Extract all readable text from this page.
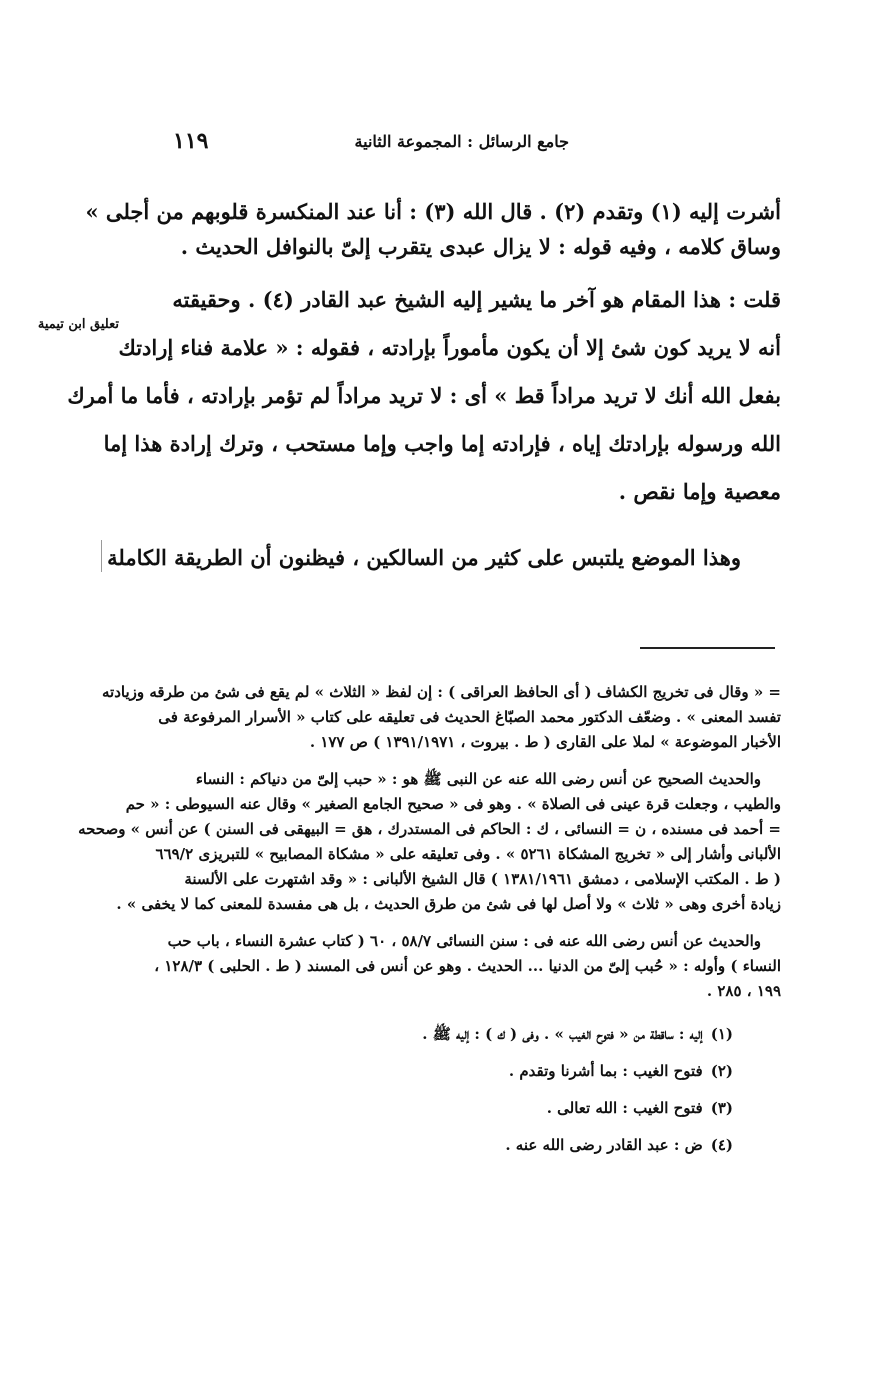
١١٩	جامع الرسائل : المجموعة الثانية
تعليق ابن تيمية
أشرت إليه (١) وتقدم (٢) . قال الله (٣) : أنا عند المنكسرة قلوبهم من أجلى »
وساق كلامه ، وفيه قوله : لا يزال عبدى يتقرب إلىّ بالنوافل الحديث .
قلت : هذا المقام هو آخر ما يشير إليه الشيخ عبد القادر (٤) . وحقيقته
أنه لا يريد كون شئ إلا أن يكون مأموراً بإرادته ، فقوله : « علامة فناء إرادتك
بفعل الله أنك لا تريد مراداً قط » أى : لا تريد مراداً لم تؤمر بإرادته ، فأما ما أمرك
الله ورسوله بإرادتك إياه ، فإرادته إما واجب وإما مستحب ، وترك إرادة هذا إما
معصية وإما نقص .
وهذا الموضع يلتبس على كثير من السالكين ، فيظنون أن الطريقة الكاملة
= « وقال فى تخريج الكشاف ( أى الحافظ العراقى ) : إن لفظ « الثلاث » لم يقع فى شئ من طرقه وزيادته
تفسد المعنى » . وضعّف الدكتور محمد الصبّاغ الحديث فى تعليقه على كتاب « الأسرار المرفوعة فى
الأخبار الموضوعة » لملا على القارى ( ط . بيروت ، ١٣٩١/١٩٧١ ) ص ١٧٧ .
والحديث الصحيح عن أنس رضى الله عنه عن النبى ﷺ هو : « حبب إلىّ من دنياكم : النساء
والطيب ، وجعلت قرة عينى فى الصلاة » . وهو فى « صحيح الجامع الصغير » وقال عنه السيوطى : « حم
= أحمد فى مسنده ، ن = النسائى ، ك : الحاكم فى المستدرك ، هق = البيهقى فى السنن ) عن أنس » وصححه
الألبانى وأشار إلى « تخريج المشكاة ٥٢٦١ » . وفى تعليقه على « مشكاة المصابيح » للتبريزى ٦٦٩/٢
( ط . المكتب الإسلامى ، دمشق ١٣٨١/١٩٦١ ) قال الشيخ الألبانى : « وقد اشتهرت على الألسنة
زيادة أخرى وهى « ثلاث » ولا أصل لها فى شئ من طرق الحديث ، بل هى مفسدة للمعنى كما لا يخفى » .
والحديث عن أنس رضى الله عنه فى : سنن النسائى ٥٨/٧ ، ٦٠ ( كتاب عشرة النساء ، باب حب
النساء ) وأوله : « حُبب إلىّ من الدنيا ... الحديث . وهو عن أنس فى المسند ( ط . الحلبى ) ١٢٨/٣ ،
١٩٩ ، ٢٨٥ .
(١)إليه : ساقطة من « فتوح الغيب » . وفى ( ك ) : إليه ﷺ .
(٢)فتوح الغيب : بما أشرنا وتقدم .
(٣)فتوح الغيب : الله تعالى .
(٤)ض : عبد القادر رضى الله عنه .
